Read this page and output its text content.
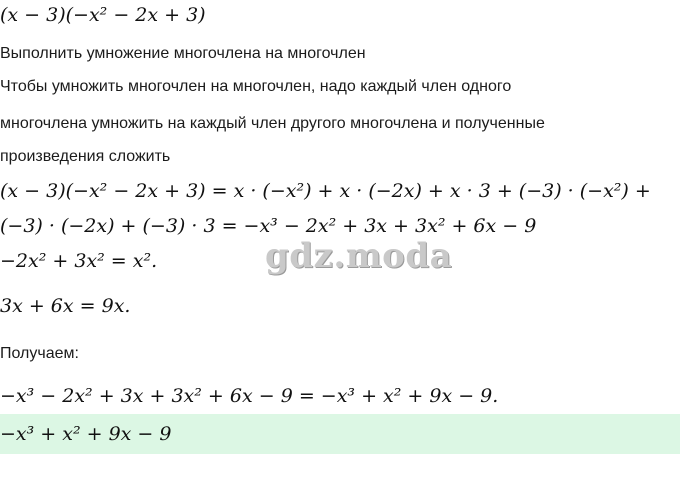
(x − 3)(−x² − 2x + 3)
Выполнить умножение многочлена на многочлен
Чтобы умножить многочлен на многочлен, надо каждый член одного
многочлена умножить на каждый член другого многочлена и полученные
произведения сложить
(x − 3)(−x² − 2x + 3) = x · (−x²) + x · (−2x) + x · 3 + (−3) · (−x²) +
(−3) · (−2x) + (−3) · 3 = −x³ − 2x² + 3x + 3x² + 6x − 9
−2x² + 3x² = x².
3x + 6x = 9x.
Получаем:
−x³ − 2x² + 3x + 3x² + 6x − 9 = −x³ + x² + 9x − 9.
−x³ + x² + 9x − 9
gdz.moda
